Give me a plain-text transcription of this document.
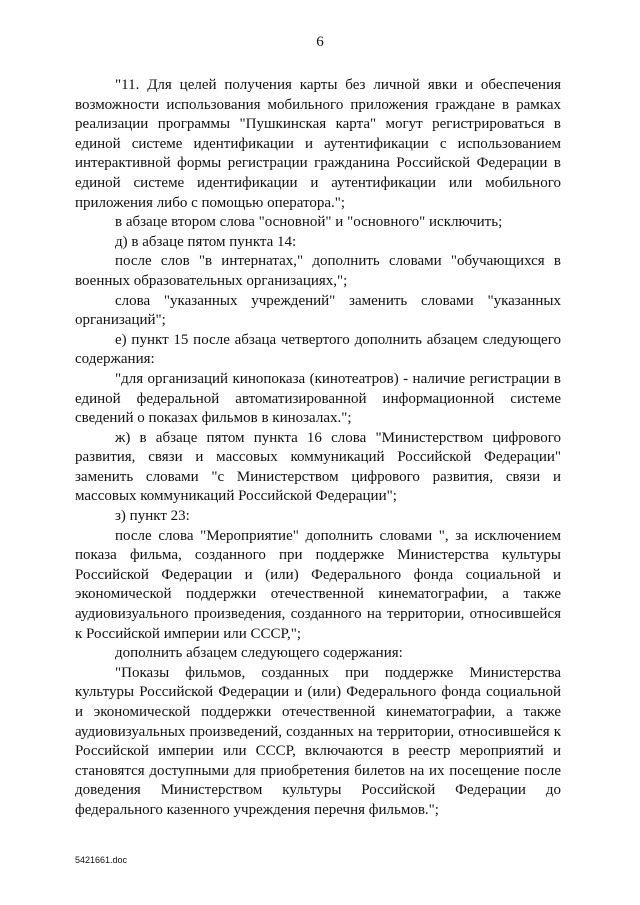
6

"11. Для целей получения карты без личной явки и обеспечения возможности использования мобильного приложения граждане в рамках реализации программы "Пушкинская карта" могут регистрироваться в единой системе идентификации и аутентификации с использованием интерактивной формы регистрации гражданина Российской Федерации в единой системе идентификации и аутентификации или мобильного приложения либо с помощью оператора.";

в абзаце втором слова "основной" и "основного" исключить;

д) в абзаце пятом пункта 14:

после слов "в интернатах," дополнить словами "обучающихся в военных образовательных организациях,";

слова "указанных учреждений" заменить словами "указанных организаций";

е) пункт 15 после абзаца четвертого дополнить абзацем следующего содержания:

"для организаций кинопоказа (кинотеатров) - наличие регистрации в единой федеральной автоматизированной информационной системе сведений о показах фильмов в кинозалах.";

ж) в абзаце пятом пункта 16 слова "Министерством цифрового развития, связи и массовых коммуникаций Российской Федерации" заменить словами "с Министерством цифрового развития, связи и массовых коммуникаций Российской Федерации";

з) пункт 23:

после слова "Мероприятие" дополнить словами ", за исключением показа фильма, созданного при поддержке Министерства культуры Российской Федерации и (или) Федерального фонда социальной и экономической поддержки отечественной кинематографии, а также аудиовизуального произведения, созданного на территории, относившейся к Российской империи или СССР,";

дополнить абзацем следующего содержания:

"Показы фильмов, созданных при поддержке Министерства культуры Российской Федерации и (или) Федерального фонда социальной и экономической поддержки отечественной кинематографии, а также аудиовизуальных произведений, созданных на территории, относившейся к Российской империи или СССР, включаются в реестр мероприятий и становятся доступными для приобретения билетов на их посещение после доведения Министерством культуры Российской Федерации до федерального казенного учреждения перечня фильмов.";

5421661.doc
